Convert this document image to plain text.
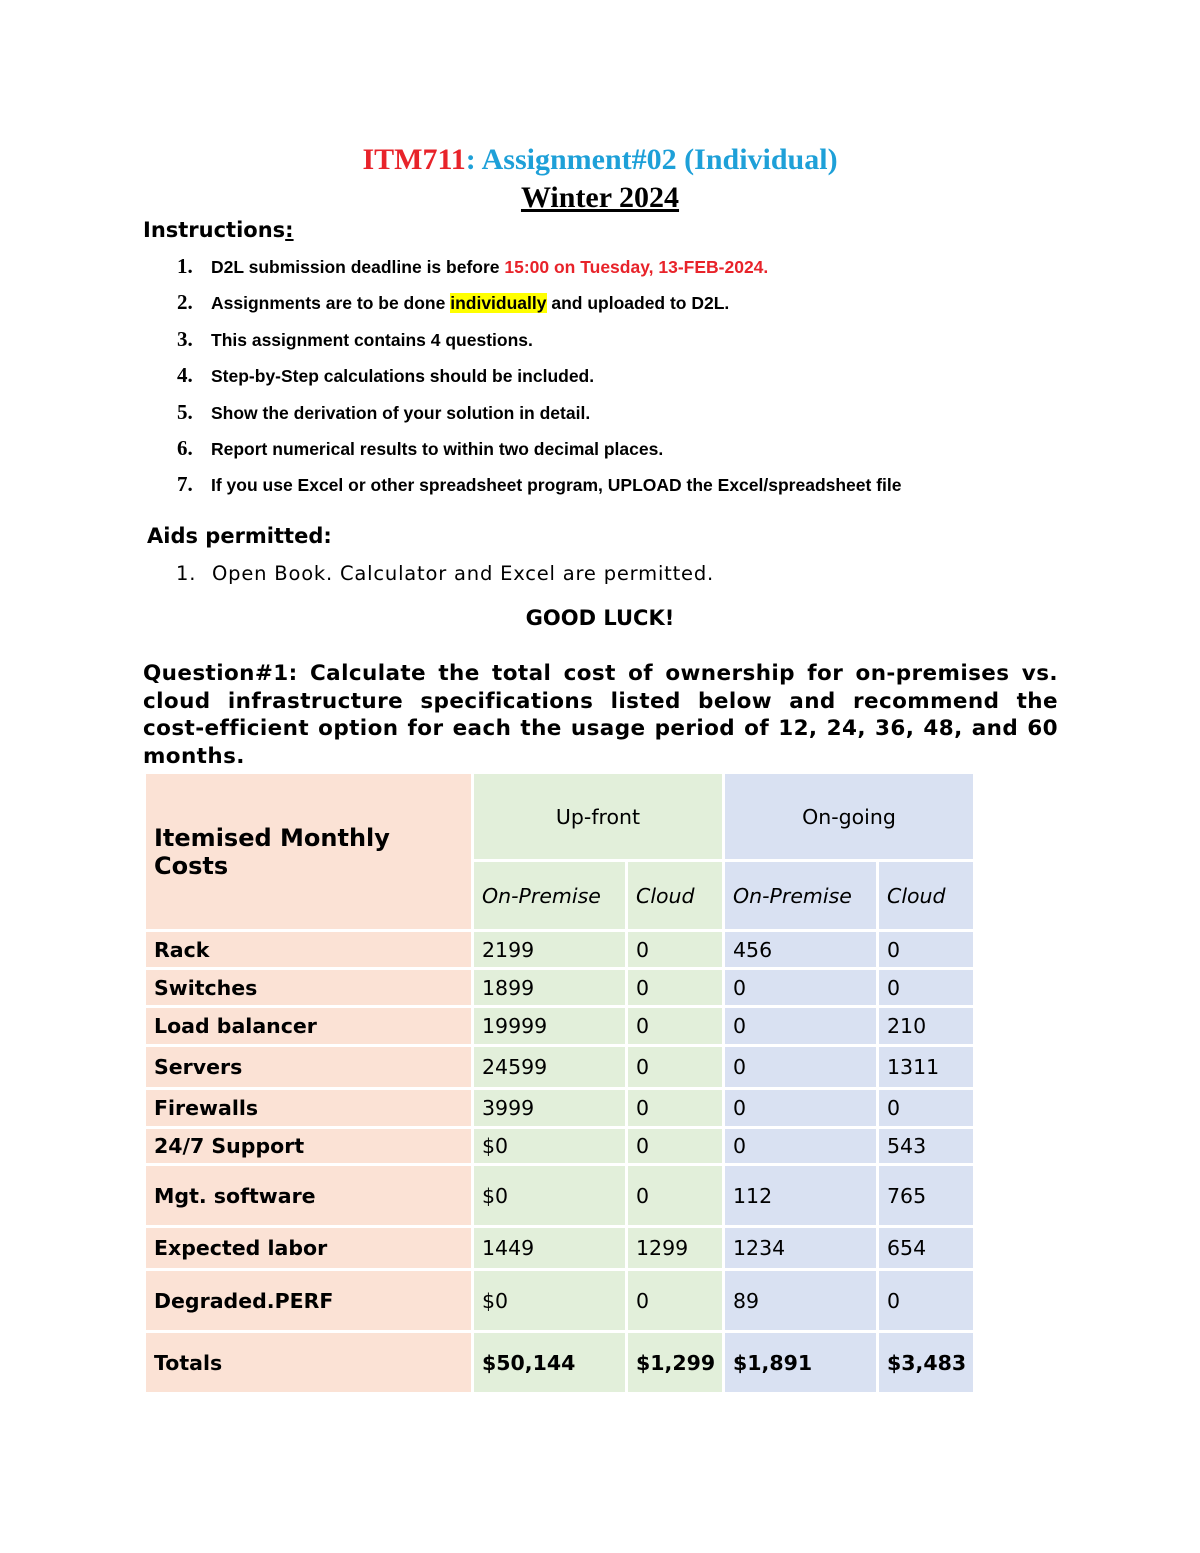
ITM711: Assignment#02 (Individual)
Winter 2024
Instructions:
1. D2L submission deadline is before 15:00 on Tuesday, 13-FEB-2024.
2. Assignments are to be done individually and uploaded to D2L.
3. This assignment contains 4 questions.
4. Step-by-Step calculations should be included.
5. Show the derivation of your solution in detail.
6. Report numerical results to within two decimal places.
7. If you use Excel or other spreadsheet program, UPLOAD the Excel/spreadsheet file
Aids permitted:
1. Open Book. Calculator and Excel are permitted.
GOOD LUCK!
Question#1: Calculate the total cost of ownership for on-premises vs. cloud infrastructure specifications listed below and recommend the cost-efficient option for each the usage period of 12, 24, 36, 48, and 60 months.
Itemised Monthly Costs	Up-front		On-going	
	On-Premise	Cloud	On-Premise	Cloud
Rack	2199	0	456	0
Switches	1899	0	0	0
Load balancer	19999	0	0	210
Servers	24599	0	0	1311
Firewalls	3999	0	0	0
24/7 Support	$0	0	0	543
Mgt. software	$0	0	112	765
Expected labor	1449	1299	1234	654
Degraded.PERF	$0	0	89	0
Totals	$50,144	$1,299	$1,891	$3,483
